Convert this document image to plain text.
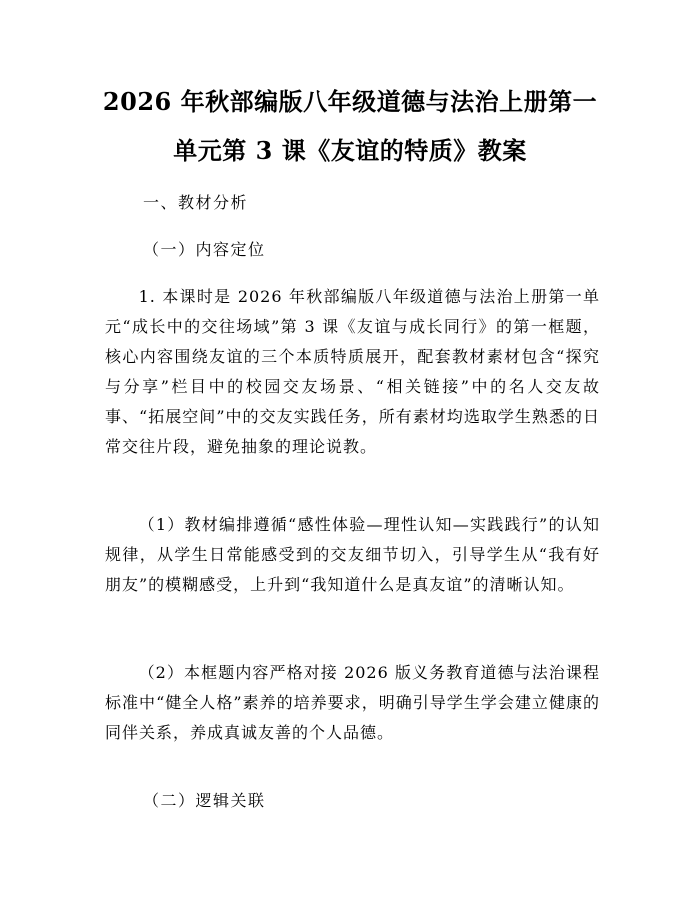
2026 年秋部编版八年级道德与法治上册第一
单元第 3 课《友谊的特质》教案
一、教材分析
（一）内容定位

1. 本课时是 2026 年秋部编版八年级道德与法治上册第一单元“成长中的交往场域”第 3 课《友谊与成长同行》的第一框题，核心内容围绕友谊的三个本质特质展开，配套教材素材包含“探究与分享”栏目中的校园交友场景、“相关链接”中的名人交友故事、“拓展空间”中的交友实践任务，所有素材均选取学生熟悉的日常交往片段，避免抽象的理论说教。

（1）教材编排遵循“感性体验—理性认知—实践践行”的认知规律，从学生日常能感受到的交友细节切入，引导学生从“我有好朋友”的模糊感受，上升到“我知道什么是真友谊”的清晰认知。

（2）本框题内容严格对接 2026 版义务教育道德与法治课程标准中“健全人格”素养的培养要求，明确引导学生学会建立健康的同伴关系，养成真诚友善的个人品德。

（二）逻辑关联
